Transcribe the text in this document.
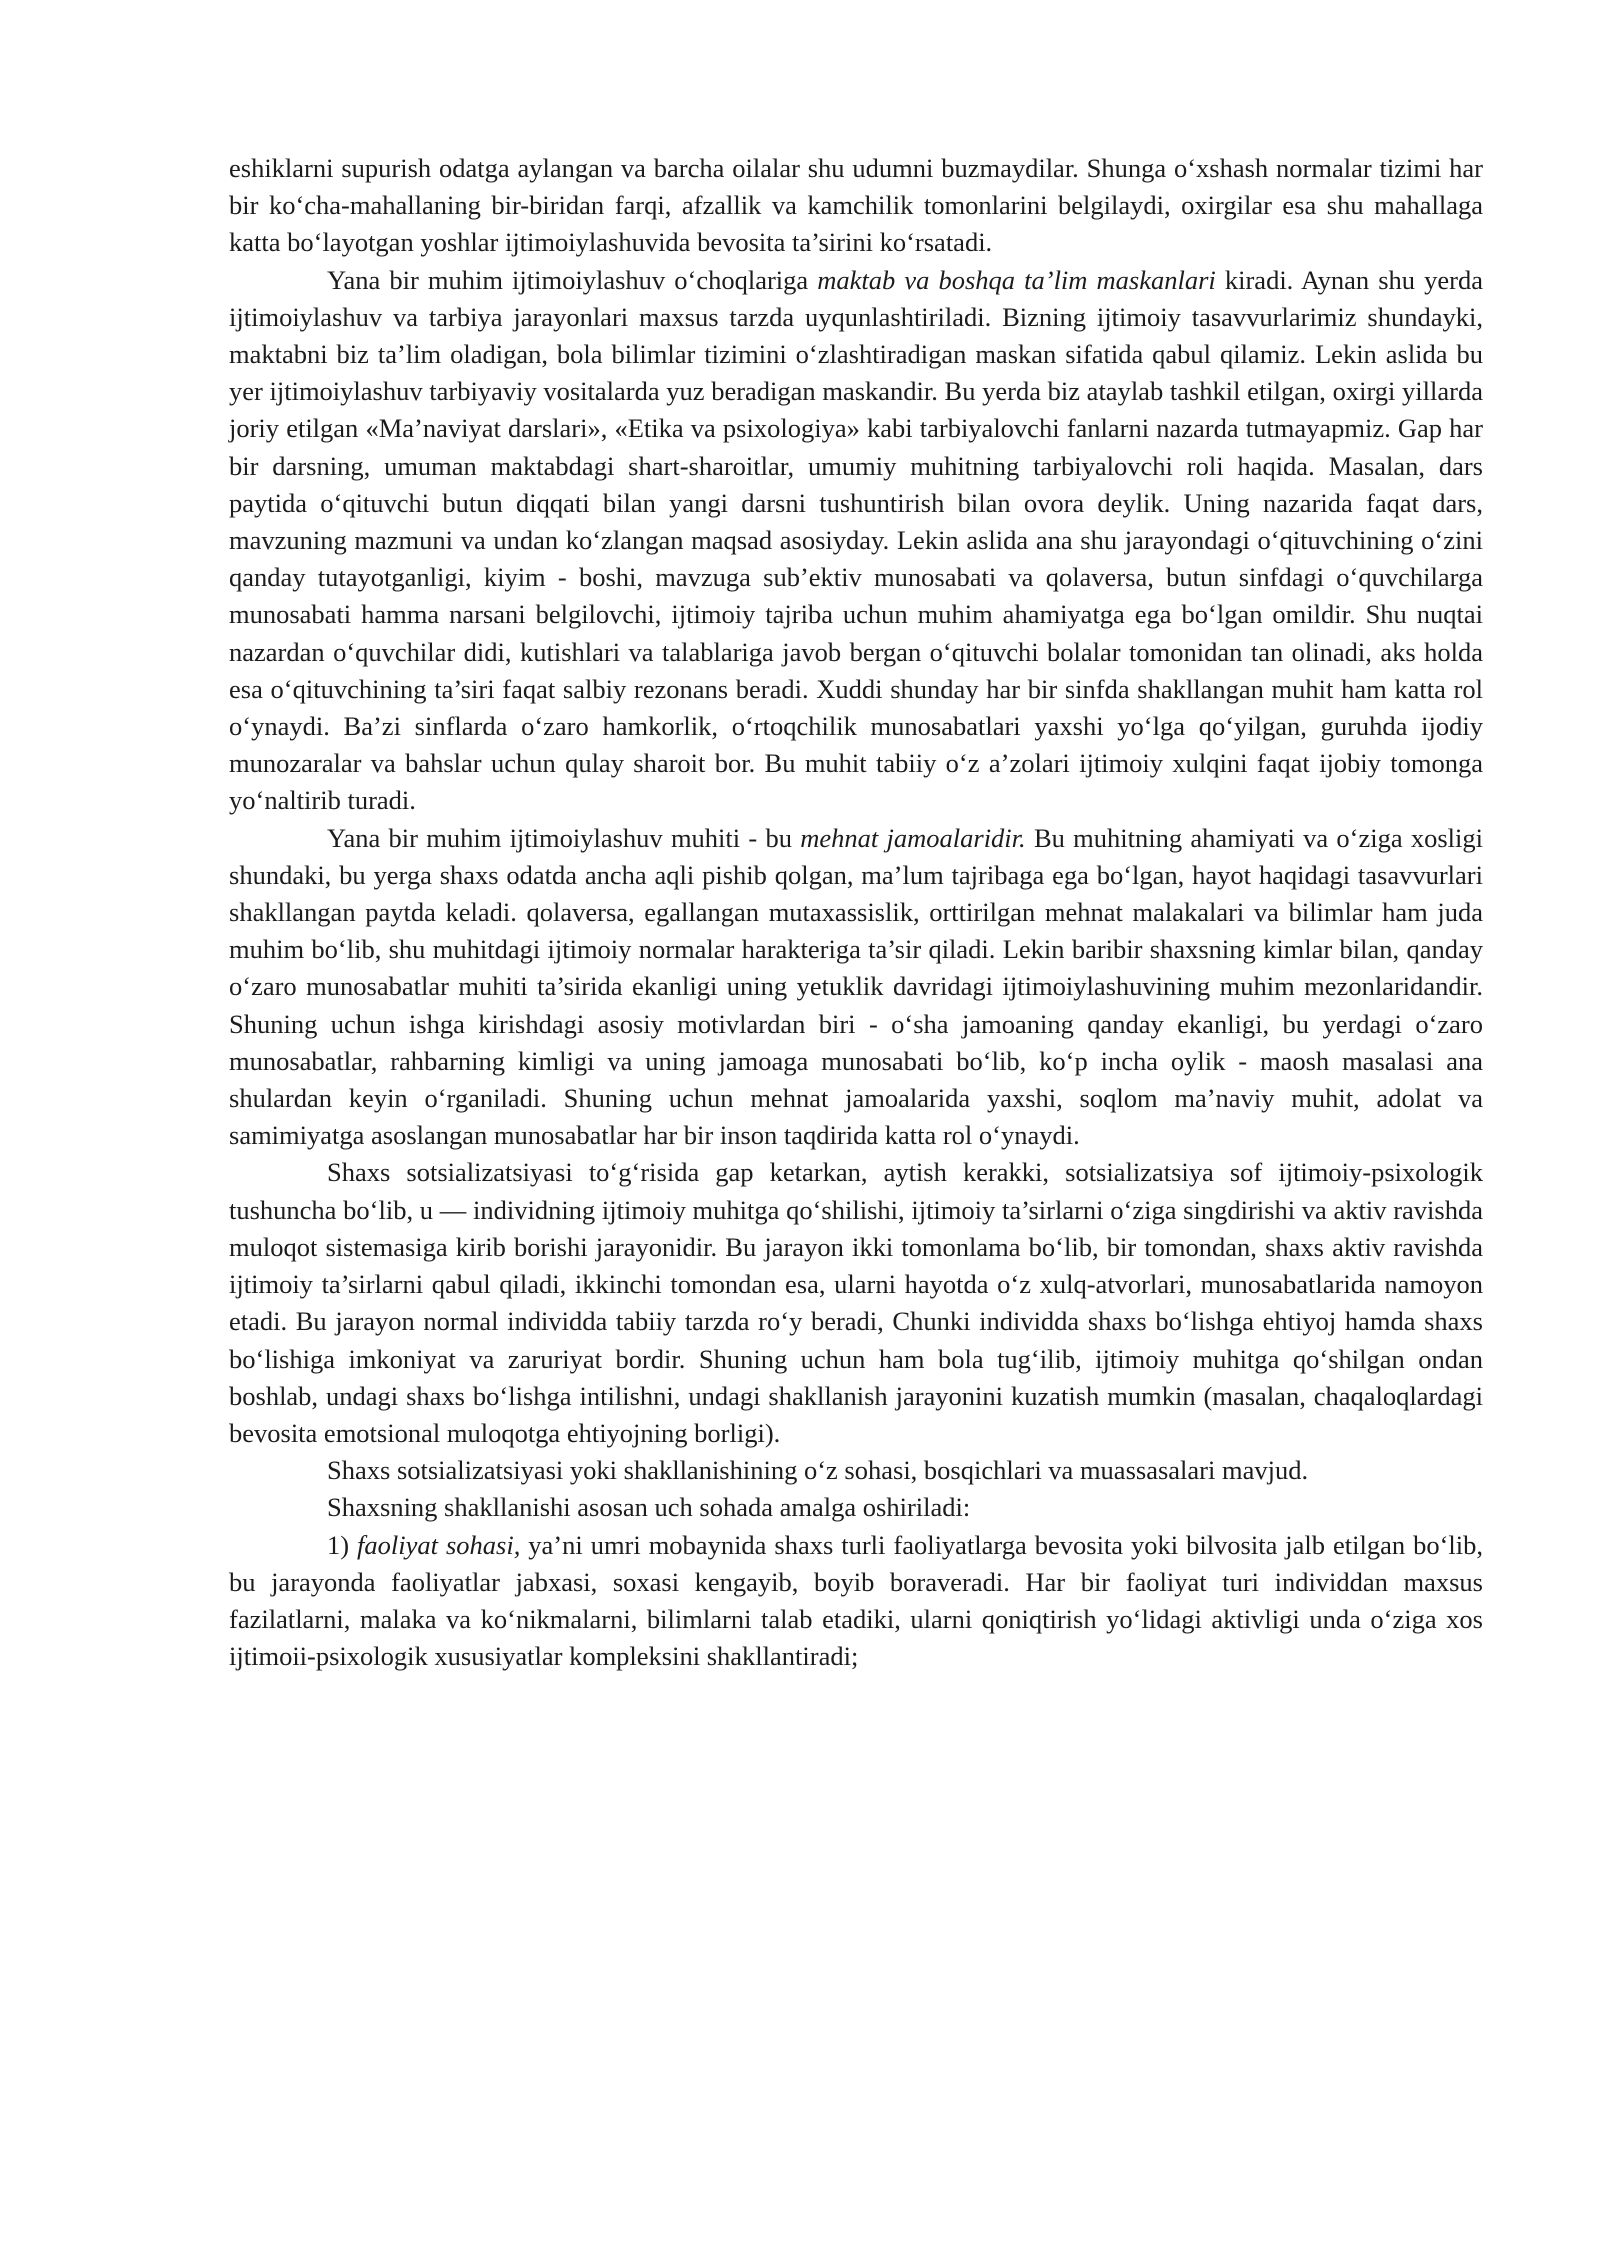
eshiklarni supurish odatga aylangan va barcha oilalar shu udumni buzmaydilar. Shunga o‘xshash normalar tizimi har bir ko‘cha-mahallaning bir-biridan farqi, afzallik va kamchilik tomonlarini belgilaydi, oxirgilar esa shu mahallaga katta bo‘layotgan yoshlar ijtimoiylashuvida bevosita ta’sirini ko‘rsatadi.

Yana bir muhim ijtimoiylashuv o‘choqlariga maktab va boshqa ta’lim maskanlari kiradi. Aynan shu yerda ijtimoiylashuv va tarbiya jarayonlari maxsus tarzda uyqunlashtiriladi. Bizning ijtimoiy tasavvurlarimiz shundayki, maktabni biz ta’lim oladigan, bola bilimlar tizimini o‘zlashtiradigan maskan sifatida qabul qilamiz. Lekin aslida bu yer ijtimoiylashuv tarbiyaviy vositalarda yuz beradigan maskandir. Bu yerda biz ataylab tashkil etilgan, oxirgi yillarda joriy etilgan «Ma’naviyat darslari», «Etika va psixologiya» kabi tarbiyalovchi fanlarni nazarda tutmayapmiz. Gap har bir darsning, umuman maktabdagi shart-sharoitlar, umumiy muhitning tarbiyalovchi roli haqida. Masalan, dars paytida o‘qituvchi butun diqqati bilan yangi darsni tushuntirish bilan ovora deylik. Uning nazarida faqat dars, mavzuning mazmuni va undan ko‘zlangan maqsad asosiyday. Lekin aslida ana shu jarayondagi o‘qituvchining o‘zini qanday tutayotganligi, kiyim - boshi, mavzuga sub’ektiv munosabati va qolaversa, butun sinfdagi o‘quvchilarga munosabati hamma narsani belgilovchi, ijtimoiy tajriba uchun muhim ahamiyatga ega bo‘lgan omildir. Shu nuqtai nazardan o‘quvchilar didi, kutishlari va talablariga javob bergan o‘qituvchi bolalar tomonidan tan olinadi, aks holda esa o‘qituvchining ta’siri faqat salbiy rezonans beradi. Xuddi shunday har bir sinfda shakllangan muhit ham katta rol o‘ynaydi. Ba’zi sinflarda o‘zaro hamkorlik, o‘rtoqchilik munosabatlari yaxshi yo‘lga qo‘yilgan, guruhda ijodiy munozaralar va bahslar uchun qulay sharoit bor. Bu muhit tabiiy o‘z a’zolari ijtimoiy xulqini faqat ijobiy tomonga yo‘naltirib turadi.

Yana bir muhim ijtimoiylashuv muhiti - bu mehnat jamoalaridir. Bu muhitning ahamiyati va o‘ziga xosligi shundaki, bu yerga shaxs odatda ancha aqli pishib qolgan, ma’lum tajribaga ega bo‘lgan, hayot haqidagi tasavvurlari shakllangan paytda keladi. qolaversa, egallangan mutaxassislik, orttirilgan mehnat malakalari va bilimlar ham juda muhim bo‘lib, shu muhitdagi ijtimoiy normalar harakteriga ta’sir qiladi. Lekin baribir shaxsning kimlar bilan, qanday o‘zaro munosabatlar muhiti ta’sirida ekanligi uning yetuklik davridagi ijtimoiylashuvining muhim mezonlaridandir. Shuning uchun ishga kirishdagi asosiy motivlardan biri - o‘sha jamoaning qanday ekanligi, bu yerdagi o‘zaro munosabatlar, rahbarning kimligi va uning jamoaga munosabati bo‘lib, ko‘p incha oylik - maosh masalasi ana shulardan keyin o‘rganiladi. Shuning uchun mehnat jamoalarida yaxshi, soqlom ma’naviy muhit, adolat va samimiyatga asoslangan munosabatlar har bir inson taqdirida katta rol o‘ynaydi.

Shaxs sotsializatsiyasi to‘g‘risida gap ketarkan, aytish kerakki, sotsializatsiya sof ijtimoiy-psixologik tushuncha bo‘lib, u — individning ijtimoiy muhitga qo‘shilishi, ijtimoiy ta’sirlarni o‘ziga singdirishi va aktiv ravishda muloqot sistemasiga kirib borishi jarayonidir. Bu jarayon ikki tomonlama bo‘lib, bir tomondan, shaxs aktiv ravishda ijtimoiy ta’sirlarni qabul qiladi, ikkinchi tomondan esa, ularni hayotda o‘z xulq-atvorlari, munosabatlarida namoyon etadi. Bu jarayon normal individda tabiiy tarzda ro‘y beradi, Chunki individda shaxs bo‘lishga ehtiyoj hamda shaxs bo‘lishiga imkoniyat va zaruriyat bordir. Shuning uchun ham bola tug‘ilib, ijtimoiy muhitga qo‘shilgan ondan boshlab, undagi shaxs bo‘lishga intilishni, undagi shakllanish jarayonini kuzatish mumkin (masalan, chaqaloqlardagi bevosita emotsional muloqotga ehtiyojning borligi).

Shaxs sotsializatsiyasi yoki shakllanishining o‘z sohasi, bosqichlari va muassasalari mavjud.

Shaxsning shakllanishi asosan uch sohada amalga oshiriladi:

1) faoliyat sohasi, ya’ni umri mobaynida shaxs turli faoliyatlarga bevosita yoki bilvosita jalb etilgan bo‘lib, bu jarayonda faoliyatlar jabxasi, soxasi kengayib, boyib boraveradi. Har bir faoliyat turi individdan maxsus fazilatlarni, malaka va ko‘nikmalarni, bilimlarni talab etadiki, ularni qoniqtirish yo‘lidagi aktivligi unda o‘ziga xos ijtimoii-psixologik xususiyatlar kompleksini shakllantiradi;
